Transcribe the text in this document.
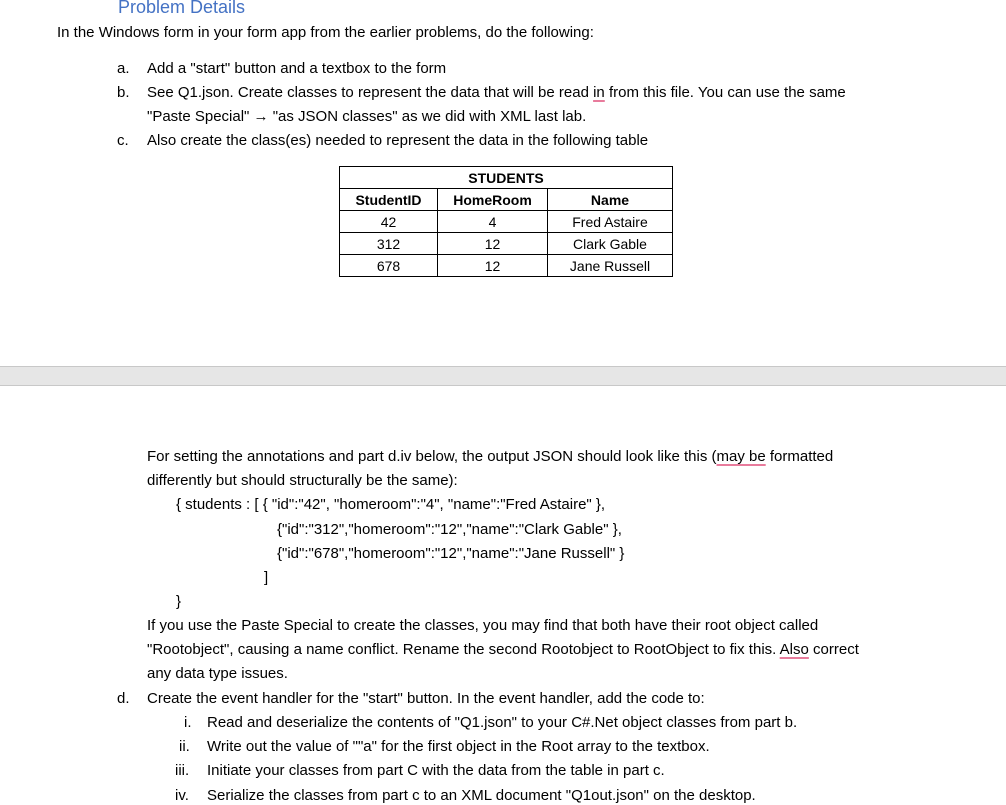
Problem Details
In the Windows form in your form app from the earlier problems, do the following:
a. Add a "start" button and a textbox to the form
b. See Q1.json. Create classes to represent the data that will be read in from this file. You can use the same
"Paste Special" → "as JSON classes" as we did with XML last lab.
c. Also create the class(es) needed to represent the data in the following table
STUDENTS		
StudentID	HomeRoom	Name
42	4	Fred Astaire
312	12	Clark Gable
678	12	Jane Russell
For setting the annotations and part d.iv below, the output JSON should look like this (may be formatted
differently but should structurally be the same):
{ students : [ { "id":"42", "homeroom":"4", "name":"Fred Astaire" },
{"id":"312","homeroom":"12","name":"Clark Gable" },
{"id":"678","homeroom":"12","name":"Jane Russell" }
]
}
If you use the Paste Special to create the classes, you may find that both have their root object called
"Rootobject", causing a name conflict. Rename the second Rootobject to RootObject to fix this. Also correct
any data type issues.
d. Create the event handler for the "start" button. In the event handler, add the code to:
i. Read and deserialize the contents of "Q1.json" to your C#.Net object classes from part b.
ii. Write out the value of ""a" for the first object in the Root array to the textbox.
iii. Initiate your classes from part C with the data from the table in part c.
iv. Serialize the classes from part c to an XML document "Q1out.json" on the desktop.
